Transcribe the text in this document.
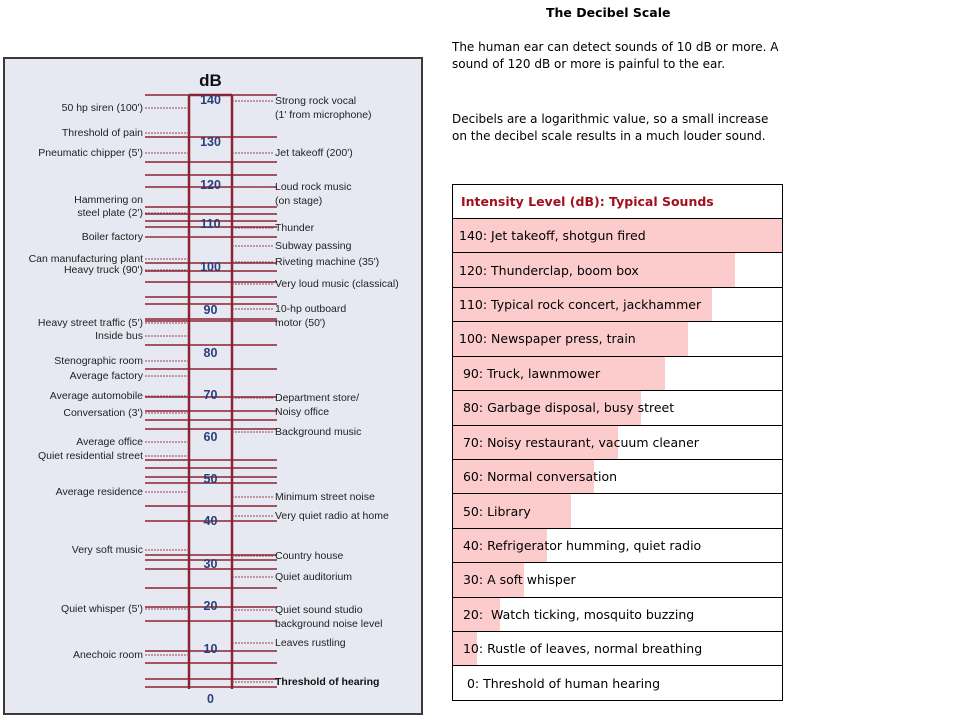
dB
140
130
120
110
100
90
80
70
60
50
40
30
20
10
0
50 hp siren (100')
Threshold of pain
Pneumatic chipper (5')
Hammering on
steel plate (2')
Boiler factory
Can manufacturing plant
Heavy truck (90')
Heavy street traffic (5')
Inside bus
Stenographic room
Average factory
Average automobile
Conversation (3')
Average office
Quiet residential street
Average residence
Very soft music
Quiet whisper (5')
Anechoic room
Strong rock vocal
(1' from microphone)
Jet takeoff (200')
Loud rock music
(on stage)
Thunder
Subway passing
Riveting machine (35')
Very loud music (classical)
10-hp outboard
motor (50')
Department store/
Noisy office
Background music
Minimum street noise
Very quiet radio at home
Country house
Quiet auditorium
Quiet sound studio
background noise level
Leaves rustling
Threshold of hearing
The Decibel Scale

The human ear can detect sounds of 10 dB or more. A sound of 120 dB or more is painful to the ear.

Decibels are a logarithmic value, so a small increase on the decibel scale results in a much louder sound.

Intensity Level (dB): Typical Sounds
140: Jet takeoff, shotgun fired
120: Thunderclap, boom box
110: Typical rock concert, jackhammer
100: Newspaper press, train
90: Truck, lawnmower
80: Garbage disposal, busy street
70: Noisy restaurant, vacuum cleaner
60: Normal conversation
50: Library
40: Refrigerator humming, quiet radio
30: A soft whisper
20:  Watch ticking, mosquito buzzing
10: Rustle of leaves, normal breathing
0: Threshold of human hearing
